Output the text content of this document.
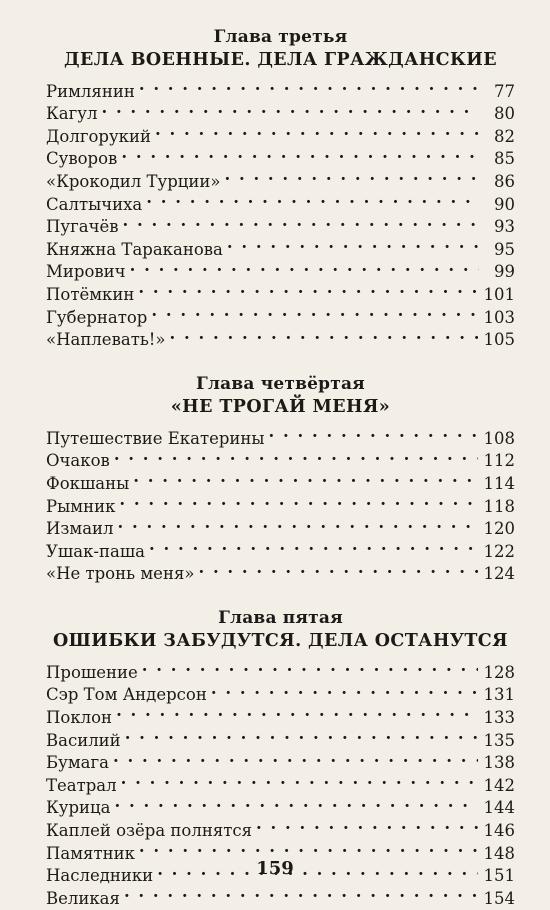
Глава третья
ДЕЛА ВОЕННЫЕ. ДЕЛА ГРАЖДАНСКИЕ
Римлянин . . .	77
Кагул . . .	80
Долгорукий . . .	82
Суворов . . .	85
«Крокодил Турции» . . .	86
Салтычиха . . .	90
Пугачёв . . .	93
Княжна Тараканова . . .	95
Мирович . . .	99
Потёмкин . . .	101
Губернатор . . .	103
«Наплевать!» . . .	105
Глава четвёртая
«НЕ ТРОГАЙ МЕНЯ»
Путешествие Екатерины . . .	108
Очаков . . .	112
Фокшаны . . .	114
Рымник . . .	118
Измаил . . .	120
Ушак-паша . . .	122
«Не тронь меня» . . .	124
Глава пятая
ОШИБКИ ЗАБУДУТСЯ. ДЕЛА ОСТАНУТСЯ
Прошение . . .	128
Сэр Том Андерсон . . .	131
Поклон . . .	133
Василий . . .	135
Бумага . . .	138
Театрал . . .	142
Курица . . .	144
Каплей озёра полнятся . . .	146
Памятник . . .	148
Наследники . . .	151
Великая . . .	154
159
